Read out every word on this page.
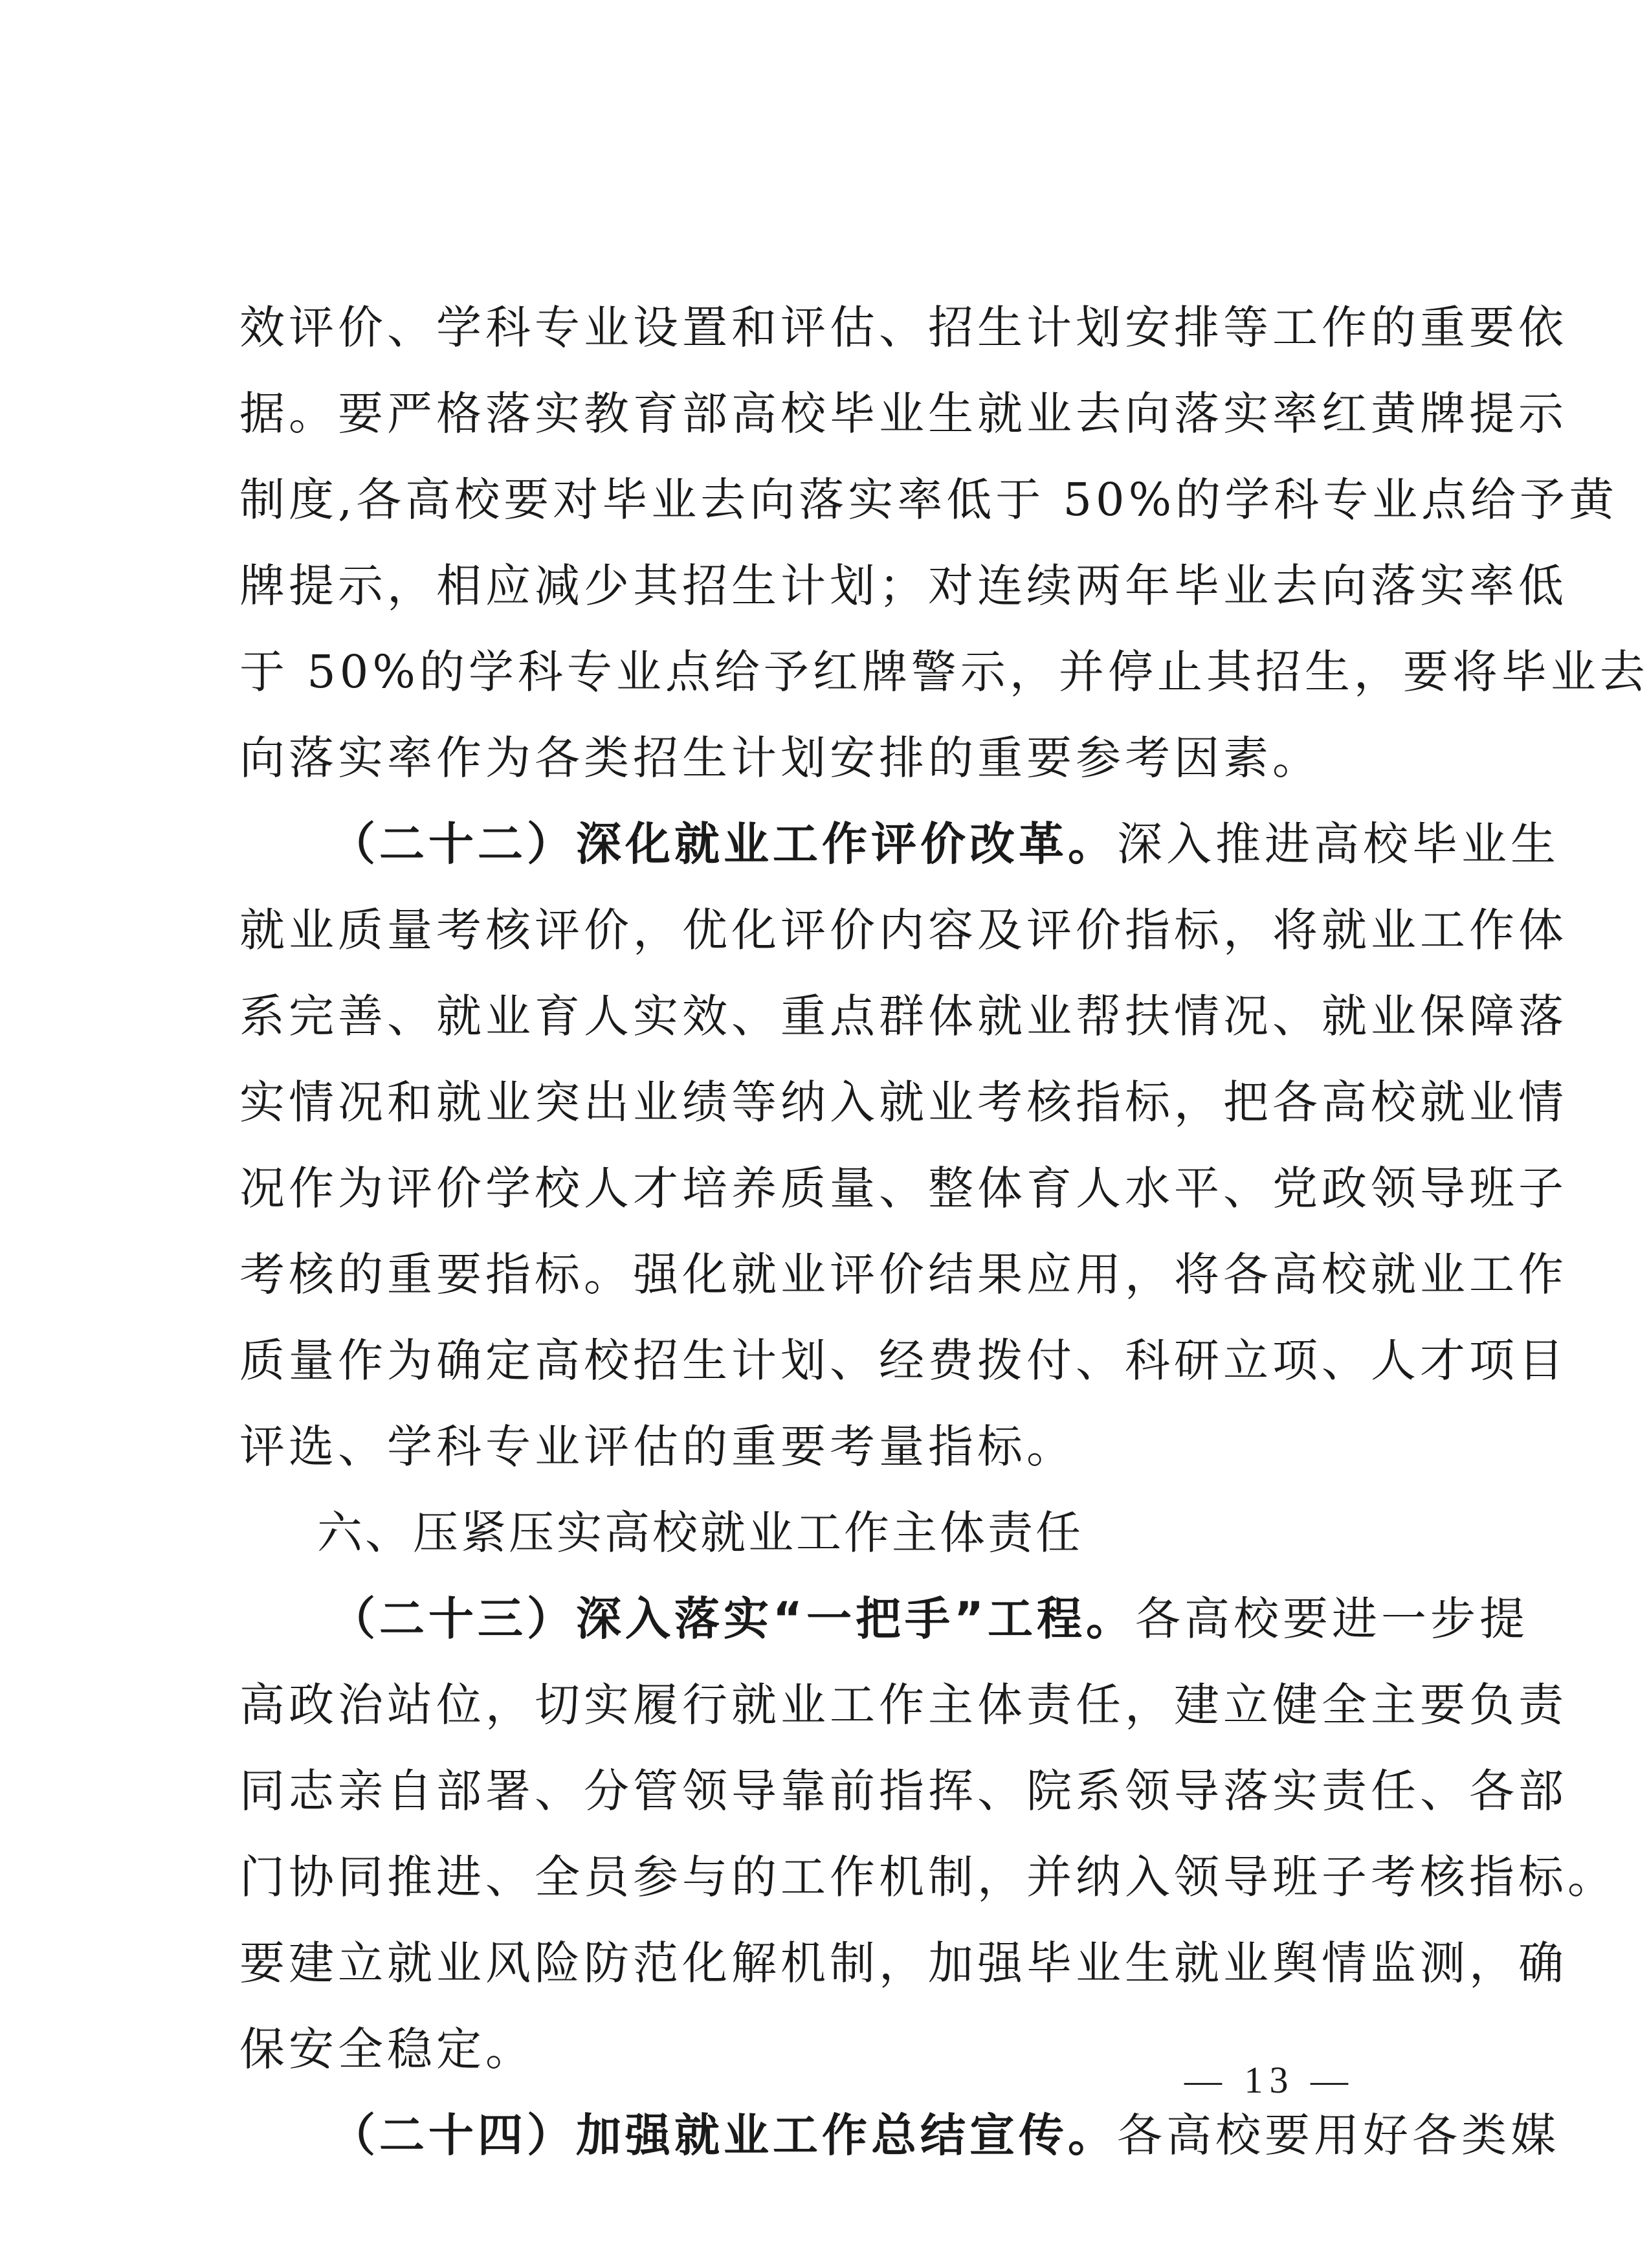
效评价、学科专业设置和评估、招生计划安排等工作的重要依
据。要严格落实教育部高校毕业生就业去向落实率红黄牌提示
制度,各高校要对毕业去向落实率低于 50%的学科专业点给予黄
牌提示，相应减少其招生计划；对连续两年毕业去向落实率低
于 50%的学科专业点给予红牌警示，并停止其招生，要将毕业去
向落实率作为各类招生计划安排的重要参考因素。
（二十二）深化就业工作评价改革。深入推进高校毕业生
就业质量考核评价，优化评价内容及评价指标，将就业工作体
系完善、就业育人实效、重点群体就业帮扶情况、就业保障落
实情况和就业突出业绩等纳入就业考核指标，把各高校就业情
况作为评价学校人才培养质量、整体育人水平、党政领导班子
考核的重要指标。强化就业评价结果应用，将各高校就业工作
质量作为确定高校招生计划、经费拨付、科研立项、人才项目
评选、学科专业评估的重要考量指标。
六、压紧压实高校就业工作主体责任
（二十三）深入落实“一把手”工程。各高校要进一步提
高政治站位，切实履行就业工作主体责任，建立健全主要负责
同志亲自部署、分管领导靠前指挥、院系领导落实责任、各部
门协同推进、全员参与的工作机制，并纳入领导班子考核指标。
要建立就业风险防范化解机制，加强毕业生就业舆情监测，确
保安全稳定。
（二十四）加强就业工作总结宣传。各高校要用好各类媒
— 13 —
